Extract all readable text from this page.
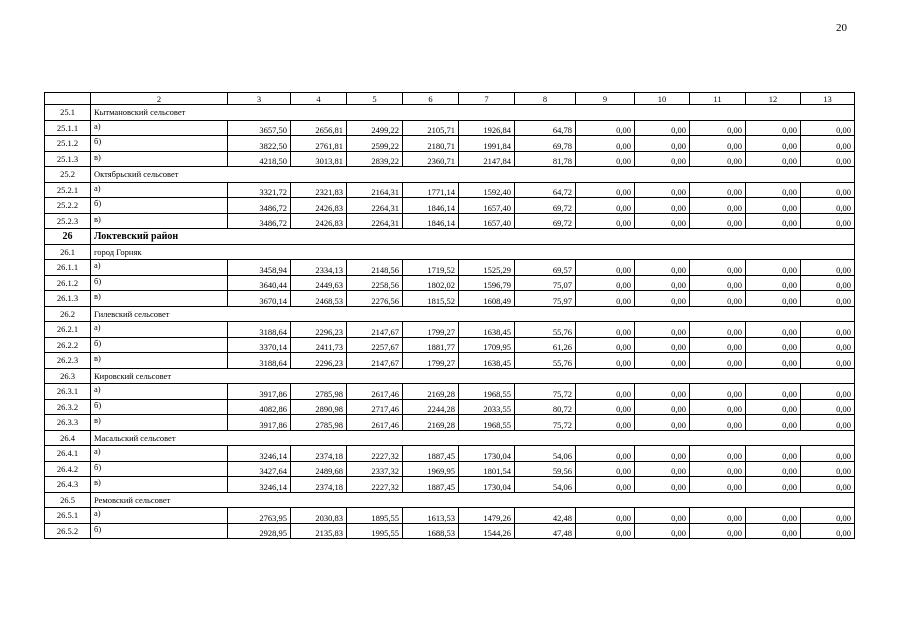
20
	2	3	4	5	6	7	8	9	10	11	12	13
25.1	Кытмановский сельсовет											
25.1.1	а)	3657,50	2656,81	2499,22	2105,71	1926,84	64,78	0,00	0,00	0,00	0,00	0,00
25.1.2	б)	3822,50	2761,81	2599,22	2180,71	1991,84	69,78	0,00	0,00	0,00	0,00	0,00
25.1.3	в)	4218,50	3013,81	2839,22	2360,71	2147,84	81,78	0,00	0,00	0,00	0,00	0,00
25.2	Октябрьский сельсовет											
25.2.1	а)	3321,72	2321,83	2164,31	1771,14	1592,40	64,72	0,00	0,00	0,00	0,00	0,00
25.2.2	б)	3486,72	2426,83	2264,31	1846,14	1657,40	69,72	0,00	0,00	0,00	0,00	0,00
25.2.3	в)	3486,72	2426,83	2264,31	1846,14	1657,40	69,72	0,00	0,00	0,00	0,00	0,00
26	Локтевский район											
26.1	город Горняк											
26.1.1	а)	3458,94	2334,13	2148,56	1719,52	1525,29	69,57	0,00	0,00	0,00	0,00	0,00
26.1.2	б)	3640,44	2449,63	2258,56	1802,02	1596,79	75,07	0,00	0,00	0,00	0,00	0,00
26.1.3	в)	3670,14	2468,53	2276,56	1815,52	1608,49	75,97	0,00	0,00	0,00	0,00	0,00
26.2	Гилевский сельсовет											
26.2.1	а)	3188,64	2296,23	2147,67	1799,27	1638,45	55,76	0,00	0,00	0,00	0,00	0,00
26.2.2	б)	3370,14	2411,73	2257,67	1881,77	1709,95	61,26	0,00	0,00	0,00	0,00	0,00
26.2.3	в)	3188,64	2296,23	2147,67	1799,27	1638,45	55,76	0,00	0,00	0,00	0,00	0,00
26.3	Кировский сельсовет											
26.3.1	а)	3917,86	2785,98	2617,46	2169,28	1968,55	75,72	0,00	0,00	0,00	0,00	0,00
26.3.2	б)	4082,86	2890,98	2717,46	2244,28	2033,55	80,72	0,00	0,00	0,00	0,00	0,00
26.3.3	в)	3917,86	2785,98	2617,46	2169,28	1968,55	75,72	0,00	0,00	0,00	0,00	0,00
26.4	Масальский сельсовет											
26.4.1	а)	3246,14	2374,18	2227,32	1887,45	1730,04	54,06	0,00	0,00	0,00	0,00	0,00
26.4.2	б)	3427,64	2489,68	2337,32	1969,95	1801,54	59,56	0,00	0,00	0,00	0,00	0,00
26.4.3	в)	3246,14	2374,18	2227,32	1887,45	1730,04	54,06	0,00	0,00	0,00	0,00	0,00
26.5	Ремовский сельсовет											
26.5.1	а)	2763,95	2030,83	1895,55	1613,53	1479,26	42,48	0,00	0,00	0,00	0,00	0,00
26.5.2	б)	2928,95	2135,83	1995,55	1688,53	1544,26	47,48	0,00	0,00	0,00	0,00	0,00
